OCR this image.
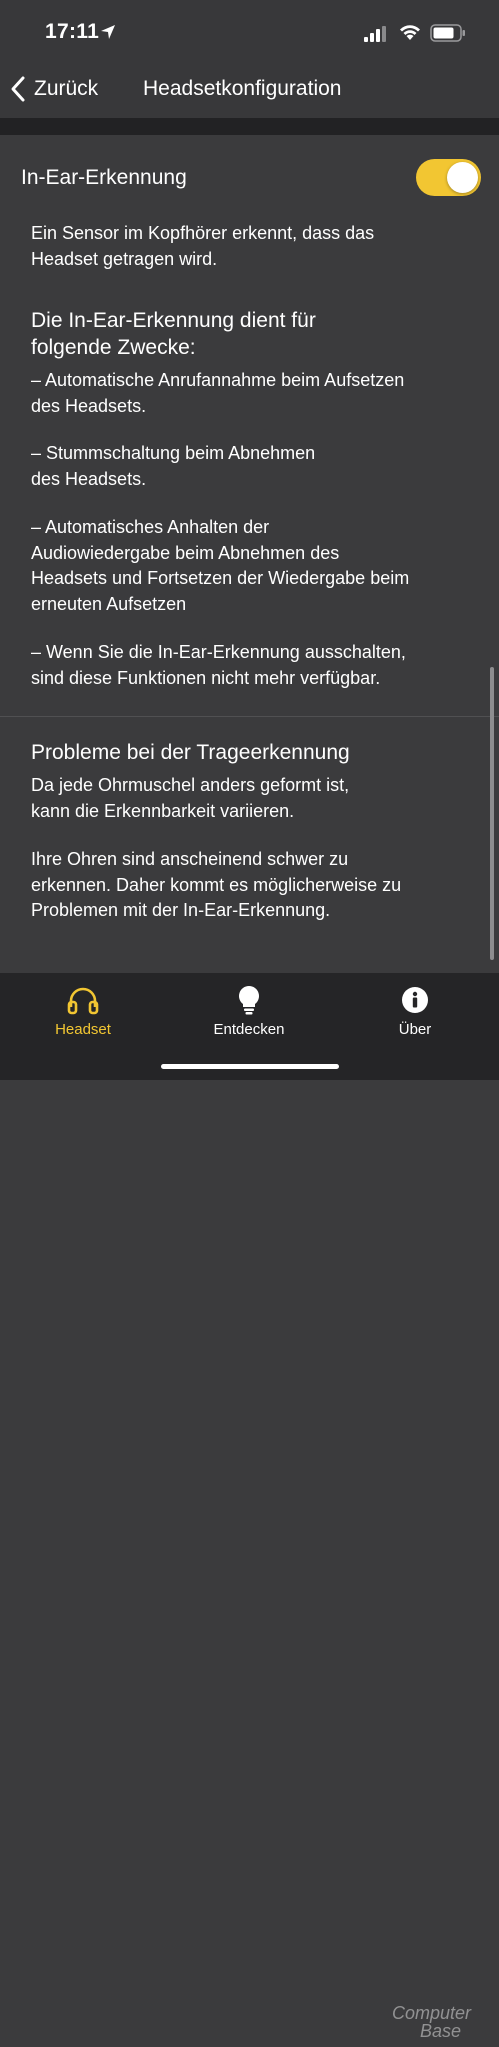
17:11
Zurück Headsetkonfiguration
In-Ear-Erkennung
Ein Sensor im Kopfhörer erkennt, dass das
Headset getragen wird.
Die In-Ear-Erkennung dient für
folgende Zwecke:
– Automatische Anrufannahme beim Aufsetzen
des Headsets.
– Stummschaltung beim Abnehmen
des Headsets.
– Automatisches Anhalten der
Audiowiedergabe beim Abnehmen des
Headsets und Fortsetzen der Wiedergabe beim
erneuten Aufsetzen
– Wenn Sie die In-Ear-Erkennung ausschalten,
sind diese Funktionen nicht mehr verfügbar.
Probleme bei der Trageerkennung
Da jede Ohrmuschel anders geformt ist,
kann die Erkennbarkeit variieren.
Ihre Ohren sind anscheinend schwer zu
erkennen. Daher kommt es möglicherweise zu
Problemen mit der In-Ear-Erkennung.
Headset	Entdecken	Über
Computer
Base
